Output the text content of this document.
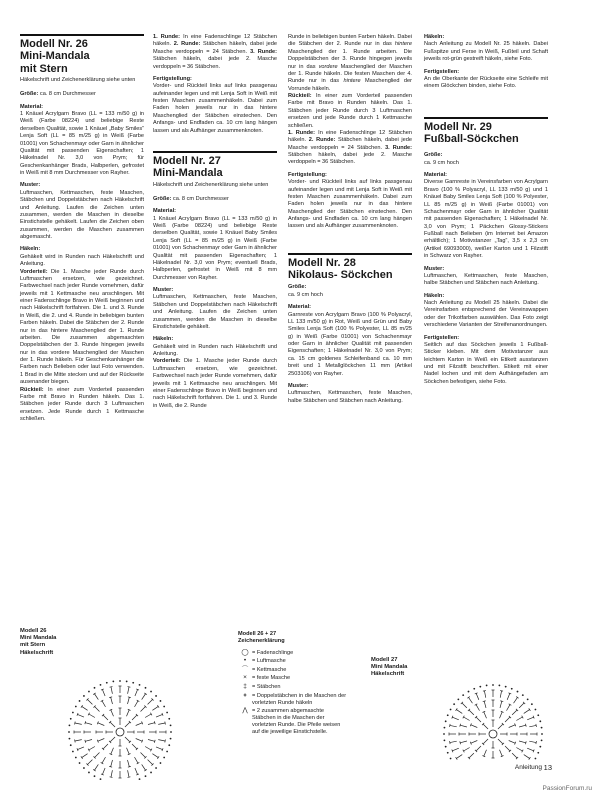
Modell Nr. 26
Mini-Mandala
mit Stern
Häkelschrift und Zeichenerklärung siehe unten

Größe: ca. 8 cm Durchmesser

Material:

1 Knäuel Acrylgarn Bravo (LL = 133 m/50 g) in Weiß (Farbe 08224) und beliebige Reste derselben Qualität, sowie 1 Knäuel „Baby Smiles“ Lenja Soft (LL = 85 m/25 g) in Weiß (Farbe 01001) von Schachenmayr oder Garn in ähnlicher Qualität mit passenden Eigenschaften; 1 Häkelnadel Nr. 3,0 von Prym; für Geschenkanhänger Brads, Halbperlen, gefrostet in Weiß mit 8 mm Durchmesser von Rayher.

Muster:

Luftmaschen, Kettmaschen, feste Maschen, Stäbchen und Doppelstäbchen nach Häkelschrift und Anleitung. Laufen die Zeichen unten zusammen, werden die Maschen in dieselbe Einstichstelle gehäkelt. Laufen die Zeichen oben zusammen, werden die Maschen zusammen abgemascht.

Häkeln:

Gehäkelt wird in Runden nach Häkelschrift und Anleitung.

Vorderteil: Die 1. Masche jeder Runde durch Luftmaschen ersetzen, wie gezeichnet. Farbwechsel nach jeder Runde vornehmen, dafür jeweils mit 1 Kettmasche neu anschlingen. Mit einer Fadenschlinge Bravo in Weiß beginnen und nach Häkelschrift fortfahren. Die 1. und 3. Runde in Weiß, die 2. und 4. Runde in beliebigen bunten Farben häkeln. Dabei die Stäbchen der 2. Runde nur in das hintere Maschenglied der 1. Runde arbeiten. Die zusammen abgemaschten Doppelstäbchen der 3. Runde hingegen jeweils nur in das vordere Maschenglied der Maschen der 1. Runde häkeln. Für Geschenkanhänger die Farben nach Belieben oder laut Foto verwenden. 1 Brad in die Mitte stecken und auf der Rückseite ausenander biegen.

Rückteil: In einer zum Vorderteil passenden Farbe mit Bravo in Runden häkeln. Das 1. Stäbchen jeder Runde durch 3 Luftmaschen ersetzen. Jede Runde durch 1 Kettmasche schließen.

1. Runde: In eine Fadenschlinge 12 Stäbchen häkeln. 2. Runde: Stäbchen häkeln, dabei jede Masche verdoppeln = 24 Stäbchen. 3. Runde: Stäbchen häkeln, dabei jede 2. Masche verdoppeln = 36 Stäbchen.

Fertigstellung:

Vorder- und Rückteil links auf links passgenau aufeinander legen und mit Lenja Soft in Weiß mit festen Maschen zusammenhäkeln. Dabei zum Faden holen jeweils nur in das hintere Maschenglied der Stäbchen einstechen. Den Anfangs- und Endfaden ca. 10 cm lang hängen lassen und als Aufhänger zusammenknoten.

Modell Nr. 27
Mini-Mandala
Häkelschrift und Zeichenerklärung siehe unten

Größe: ca. 8 cm Durchmesser

Material:

1 Knäuel Acrylgarn Bravo (LL = 133 m/50 g) in Weiß (Farbe 08224) und beliebige Reste derselben Qualität, sowie 1 Knäuel Baby Smiles Lenja Soft (LL = 85 m/25 g) in Weiß (Farbe 01001) von Schachenmayr oder Garn in ähnlicher Qualität mit passenden Eigenschaften; 1 Häkelnadel Nr. 3,0 von Prym; eventuell Brads, Halbperlen, gefrostet in Weiß mit 8 mm Durchmesser von Rayher.

Muster:

Luftmaschen, Kettmaschen, feste Maschen, Stäbchen und Doppelstäbchen nach Häkelschrift und Anleitung. Laufen die Zeichen unten zusammen, werden die Maschen in dieselbe Einstichstelle gehäkelt.

Häkeln:

Gehäkelt wird in Runden nach Häkelschrift und Anleitung.

Vorderteil: Die 1. Masche jeder Runde durch Luftmaschen ersetzen, wie gezeichnet. Farbwechsel nach jeder Runde vornehmen, dafür jeweils mit 1 Kettmasche neu anschlingen. Mit einer Fadenschlinge Bravo in Weiß beginnen und nach Häkelschrift fortfahren. Die 1. und 3. Runde in Weiß, die 2. Runde

Runde in beliebigen bunten Farben häkeln. Dabei die Stäbchen der 2. Runde nur in das hintere Maschenglied der 1. Runde arbeiten. Die Doppelstäbchen der 3. Runde hingegen jeweils nur in das vordere Maschenglied der Maschen der 1. Runde häkeln. Die festen Maschen der 4. Runde nur in das hintere Maschenglied der Vorrunde häkeln.

Rückteil: In einer zum Vorderteil passenden Farbe mit Bravo in Runden häkeln. Das 1. Stäbchen jeder Runde durch 3 Luftmaschen ersetzen und jede Runde durch 1 Kettmasche schließen.

1. Runde: In eine Fadenschlinge 12 Stäbchen häkeln. 2. Runde: Stäbchen häkeln, dabei jede Masche verdoppeln = 24 Stäbchen. 3. Runde: Stäbchen häkeln, dabei jede 2. Masche verdoppeln = 36 Stäbchen.

Fertigstellung:

Vorder- und Rückteil links auf links passgenau aufeinander legen und mit Lenja Soft in Weiß mit festen Maschen zusammenhäkeln. Dabei zum Faden holen jeweils nur in das hintere Maschenglied der Stäbchen einstechen. Den Anfangs- und Endfaden ca. 10 cm lang hängen lassen und als Aufhänger zusammenknoten.

Modell Nr. 28
Nikolaus- Söckchen

Größe:
ca. 9 cm hoch

Material:

Garnreste von Acrylgarn Bravo (100 % Polyacryl, LL 133 m/50 g) in Rot, Weiß und Grün und Baby Smiles Lenja Soft (100 % Polyester, LL 85 m/25 g) in Weiß (Farbe 01001) von Schachenmayr oder Garn in ähnlicher Qualität mit passenden Eigenschaften; 1 Häkelnadel Nr. 3,0 von Prym; ca. 15 cm goldenes Schleifenband ca. 10 mm breit und 1 Metallglöckchen 11 mm (Artikel 2503106) von Rayher.

Muster:

Luftmaschen, Kettmaschen, feste Maschen, halbe Stäbchen und Stäbchen nach Anleitung.

Häkeln:

Nach Anleitung zu Modell Nr. 25 häkeln. Dabei Fußspitze und Ferse in Weiß, Fußteil und Schaft jeweils rot-grün gestreift häkeln, siehe Foto.

Fertigstellen:

An die Oberkante der Rückseite eine Schleife mit einem Glöckchen binden, siehe Foto.

Modell Nr. 29
Fußball-Söckchen

Größe:
ca. 9 cm hoch

Material:

Diverse Garnreste in Vereinsfarben von Acrylgarn Bravo (100 % Polyacryl, LL 133 m/50 g) und 1 Knäuel Baby Smiles Lenja Soft (100 % Polyester, LL 85 m/25 g) in Weiß (Farbe 01001) von Schachenmayr oder Garn in ähnlicher Qualität mit passenden Eigenschaften; 1 Häkelnadel Nr. 3,0 von Prym; 1 Päckchen Glossy-Stickers Fußball nach Belieben (im Internet bei Amazon erhältlich); 1 Motivstanzer „Tag“, 3,5 x 2,3 cm (Artikel 69093000), weißer Karton und 1 Filzstift in Schwarz von Rayher.

Muster:

Luftmaschen, Kettmaschen, feste Maschen, halbe Stäbchen und Stäbchen nach Anleitung.

Häkeln:

Nach Anleitung zu Modell 25 häkeln. Dabei die Vereinsfarben entsprechend der Vereinswappen oder der Trikotfarben auswählen. Das Foto zeigt verschiedene Varianten der Streifenanordnungen.

Fertigstellen:

Seitlich auf das Söckchen jeweils 1 Fußball-Sticker kleben. Mit dem Motivstanzer aus leichtem Karton in Weiß ein Etikett ausstanzen und mit Filzstift beschriften. Etikett mit einer Nadel lochen und mit dem Aufhängefaden am Söckchen befestigen, siehe Foto.

Modell 26
Mini Mandala
mit Stern
Häkelschrift
Modell 27
Mini Mandala
Häkelschrift
Modell 26 + 27
Zeichenerklärung
◯ = Fadenschlinge
•	= Luftmasche
⌒ = Kettmasche
× = feste Masche
‡ = Stäbchen
⧧ = Doppelstäbchen in die Maschen der vorletzten Runde häkeln
⋀ = 2 zusammen abgemaschte Stäbchen in die Maschen der vorletzten Runde. Die Pfeile weisen auf die jeweilige Einstichstelle.
Anleitung 13
PassionForum.ru
